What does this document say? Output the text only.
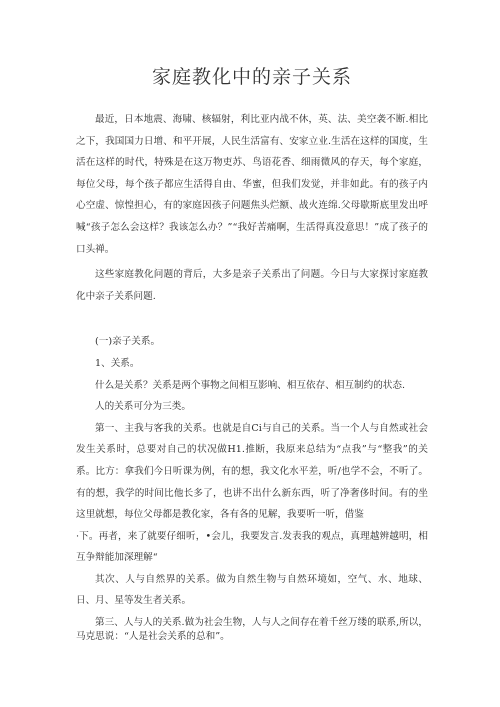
家庭教化中的亲子关系

最近，日本地震、海啸、核辐射，利比亚内战不休，英、法、美空袭不断.相比之下，我国国力日增、和平开展，人民生活富有、安家立业.生活在这样的国度，生活在这样的时代，特殊是在这万物吏苏、鸟语花香、细雨微风的存天，每个家庭，每位父母，每个孩子都应生活得自由、华蜜，但我们发觉，并非如此。有的孩子内心空虚、惊惶担心，有的家庭因孩子问题焦头烂额、战火连绵.父母歇斯底里发出呼喊“孩子怎么会这样？我该怎么办？”“我好苦痛啊，生活得真没意思！”成了孩子的口头禅。

这些家庭教化问题的背后，大多是亲子关系出了问题。今日与大家探讨家庭教化中亲子关系问题.

(一)亲子关系。

1、关系。

什么是关系？关系是两个事物之间相互影响、相互依存、相互制约的状态.

人的关系可分为三类。

第一、主我与客我的关系。也就是自Ci与自己的关系。当一个人与自然或社会发生关系时，总要对自己的状况做H1.推断，我原来总结为“点我”与“整我”的关系。比方：拿我们今日听课为例，有的想，我文化水平差，听/也学不会，不听了。有的想，我学的时间比他长多了，也讲不出什么新东西，听了净奢侈时间。有的坐这里就想，每位父母都是教化家，各有各的见解，我要听一听，借鉴

·下。再者，来了就要仔细听，•会儿，我要发言.发表我的观点，真理越辨越明，相互争辩能加深理解“

其次、人与自然界的关系。做为自然生物与自然环境如，空气、水、地球、日、月、星等发生者关系。

第三、人与人的关系.做为社会生物，人与人之间存在着千丝万缕的联系,所以，马克思说：“人是社会关系的总和”。
